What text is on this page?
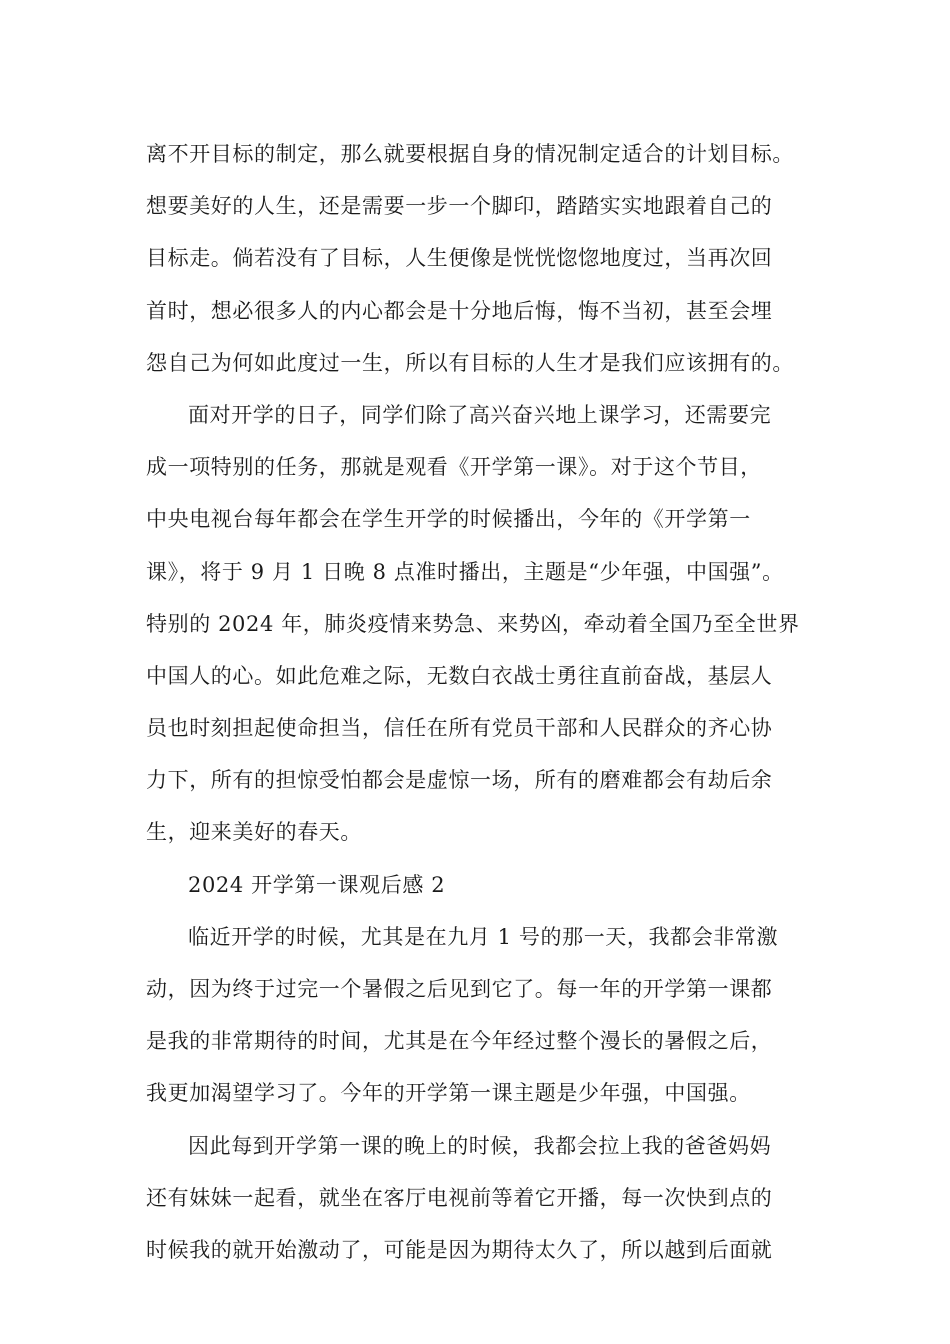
离不开目标的制定，那么就要根据自身的情况制定适合的计划目标。
想要美好的人生，还是需要一步一个脚印，踏踏实实地跟着自己的
目标走。倘若没有了目标，人生便像是恍恍惚惚地度过，当再次回
首时，想必很多人的内心都会是十分地后悔，悔不当初，甚至会埋
怨自己为何如此度过一生，所以有目标的人生才是我们应该拥有的。
面对开学的日子，同学们除了高兴奋兴地上课学习，还需要完
成一项特别的任务，那就是观看《开学第一课》。对于这个节目，
中央电视台每年都会在学生开学的时候播出，今年的《开学第一
课》，将于 9 月 1 日晚 8 点准时播出，主题是“少年强，中国强”。
特别的 2024 年，肺炎疫情来势急、来势凶，牵动着全国乃至全世界
中国人的心。如此危难之际，无数白衣战士勇往直前奋战，基层人
员也时刻担起使命担当，信任在所有党员干部和人民群众的齐心协
力下，所有的担惊受怕都会是虚惊一场，所有的磨难都会有劫后余
生，迎来美好的春天。
2024 开学第一课观后感 2
临近开学的时候，尤其是在九月 1 号的那一天，我都会非常激
动，因为终于过完一个暑假之后见到它了。每一年的开学第一课都
是我的非常期待的时间，尤其是在今年经过整个漫长的暑假之后，
我更加渴望学习了。今年的开学第一课主题是少年强，中国强。
因此每到开学第一课的晚上的时候，我都会拉上我的爸爸妈妈
还有妹妹一起看，就坐在客厅电视前等着它开播，每一次快到点的
时候我的就开始激动了，可能是因为期待太久了，所以越到后面就
